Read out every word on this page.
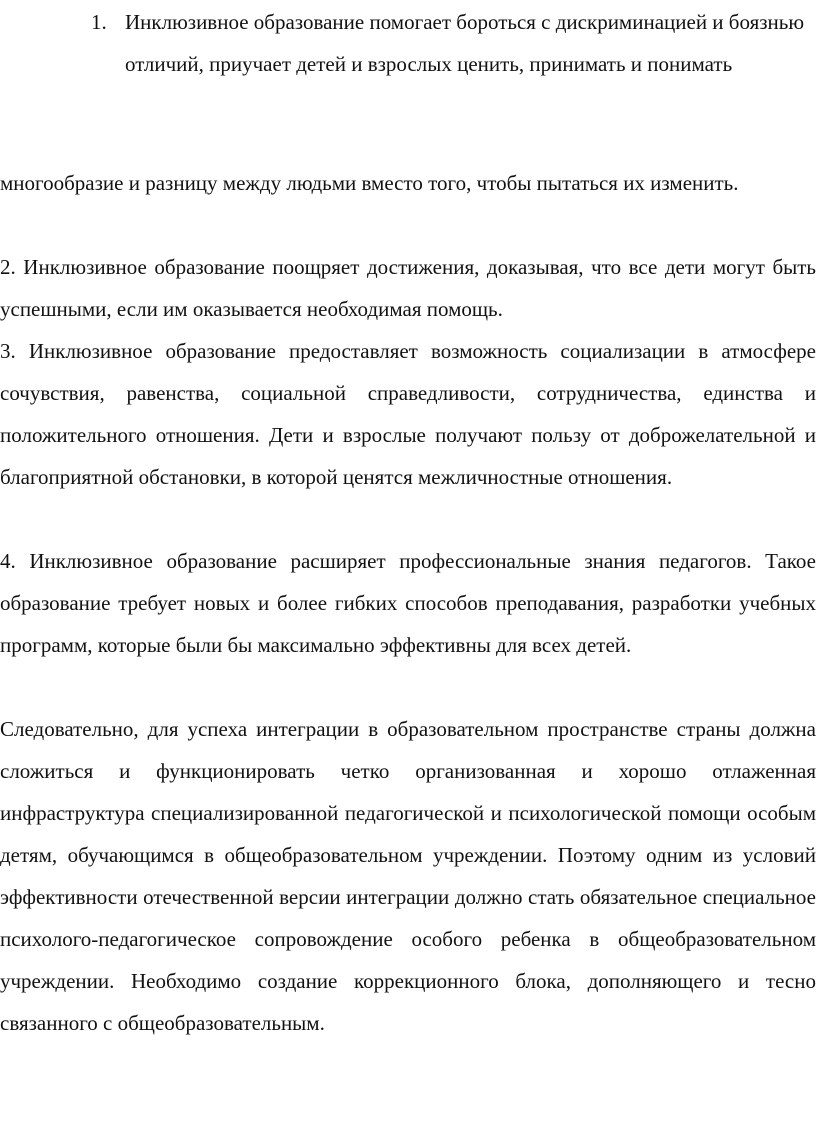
1. Инклюзивное образование помогает бороться с дискриминацией и боязнью отличий, приучает детей и взрослых ценить, принимать и понимать

многообразие и разницу между людьми вместо того, чтобы пытаться их изменить.

2. Инклюзивное образование поощряет достижения, доказывая, что все дети могут быть успешными, если им оказывается необходимая помощь.

3. Инклюзивное образование предоставляет возможность социализации в атмосфере сочувствия, равенства, социальной справедливости, сотрудничества, единства и положительного отношения. Дети и взрослые получают пользу от доброжелательной и благоприятной обстановки, в которой ценятся межличностные отношения.

4. Инклюзивное образование расширяет профессиональные знания педагогов. Такое образование требует новых и более гибких способов преподавания, разработки учебных программ, которые были бы максимально эффективны для всех детей.

Следовательно, для успеха интеграции в образовательном пространстве страны должна сложиться и функционировать четко организованная и хорошо отлаженная инфраструктура специализированной педагогической и психологической помощи особым детям, обучающимся в общеобразовательном учреждении. Поэтому одним из условий эффективности отечественной версии интеграции должно стать обязательное специальное психолого-педагогическое сопровождение особого ребенка в общеобразовательном учреждении. Необходимо создание коррекционного блока, дополняющего и тесно связанного с общеобразовательным.
